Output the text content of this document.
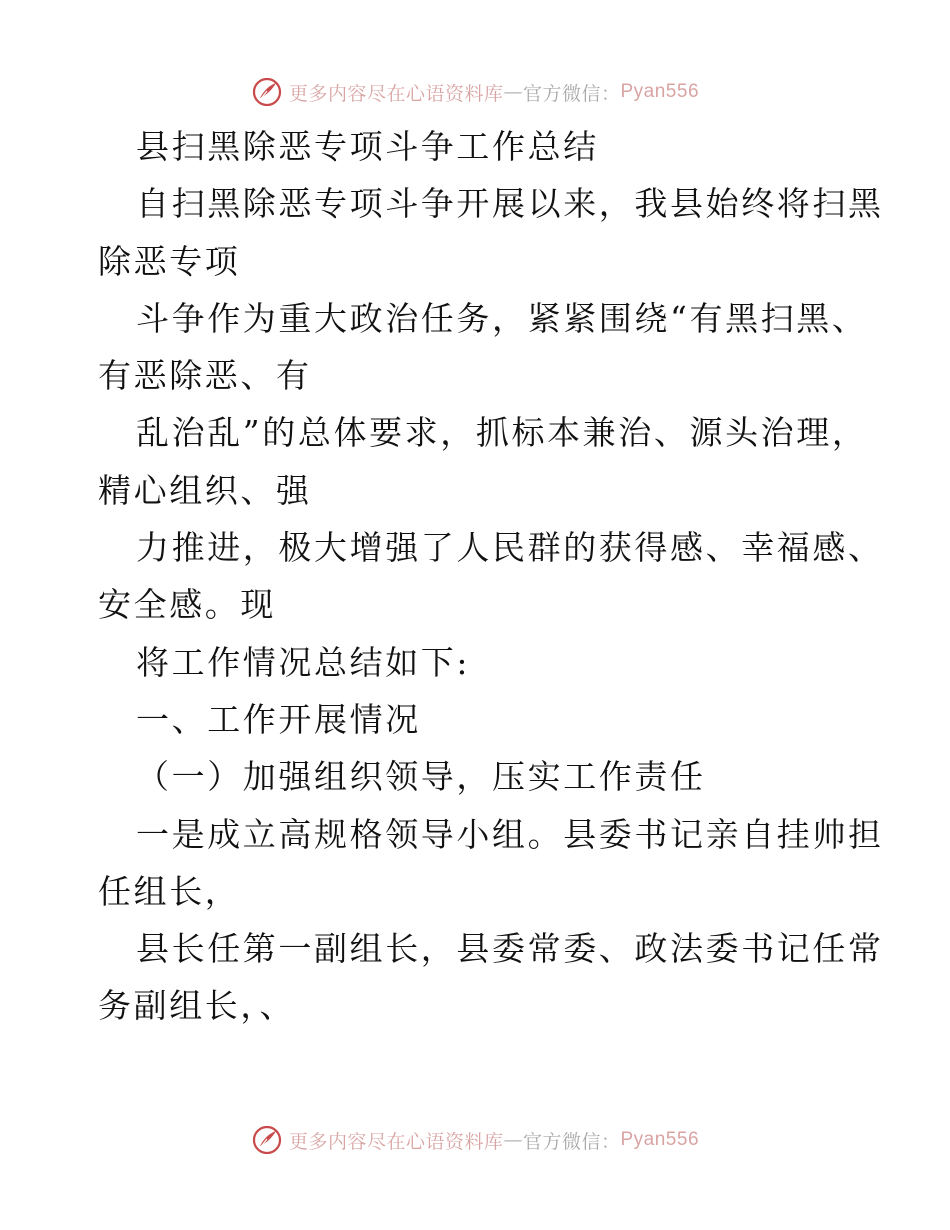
更多内容尽在心语资料库 — 官方微信： Pyan556
县扫黑除恶专项斗争工作总结
自扫黑除恶专项斗争开展以来，我县始终将扫黑
除恶专项
斗争作为重大政治任务，紧紧围绕“有黑扫黑、
有恶除恶、有
乱治乱”的总体要求，抓标本兼治、源头治理，
精心组织、强
力推进，极大增强了人民群的获得感、幸福感、
安全感。现
将工作情况总结如下:
一、工作开展情况
（一）加强组织领导，压实工作责任
一是成立高规格领导小组。县委书记亲自挂帅担
任组长，
县长任第一副组长，县委常委、政法委书记任常
务副组长，、
更多内容尽在心语资料库 — 官方微信： Pyan556
